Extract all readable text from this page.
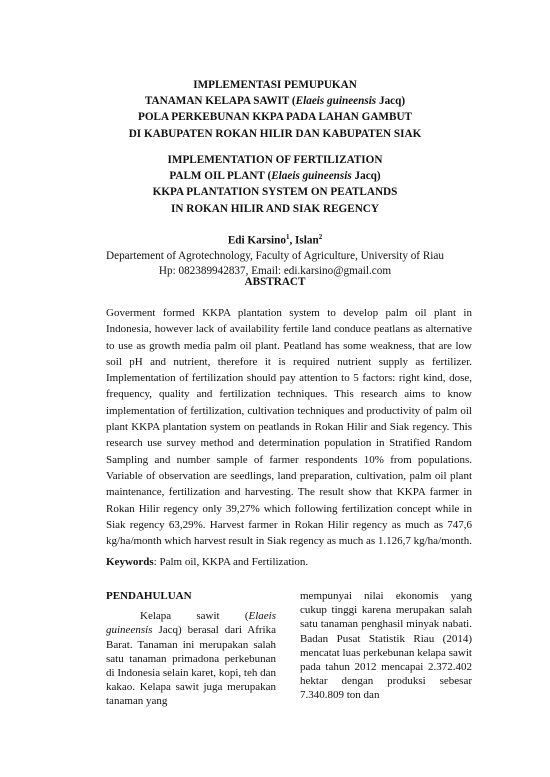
IMPLEMENTASI PEMUPUKAN
TANAMAN KELAPA SAWIT (Elaeis guineensis Jacq)
POLA PERKEBUNAN KKPA PADA LAHAN GAMBUT
DI KABUPATEN ROKAN HILIR DAN KABUPATEN SIAK
IMPLEMENTATION OF FERTILIZATION
PALM OIL PLANT (Elaeis guineensis Jacq)
KKPA PLANTATION SYSTEM ON PEATLANDS
IN ROKAN HILIR AND SIAK REGENCY
Edi Karsino$^1$, Islan$^2$
Departement of Agrotechnology, Faculty of Agriculture, University of Riau
Hp: 082389942837, Email: edi.karsino@gmail.com
ABSTRACT
Goverment formed KKPA plantation system to develop palm oil plant in Indonesia, however lack of availability fertile land conduce peatlans as alternative to use as growth media palm oil plant. Peatland has some weakness, that are low soil pH and nutrient, therefore it is required nutrient supply as fertilizer. Implementation of fertilization should pay attention to 5 factors: right kind, dose, frequency, quality and fertilization techniques. This research aims to know implementation of fertilization, cultivation techniques and productivity of palm oil plant KKPA plantation system on peatlands in Rokan Hilir and Siak regency. This research use survey method and determination population in Stratified Random Sampling and number sample of farmer respondents 10% from populations. Variable of observation are seedlings, land preparation, cultivation, palm oil plant maintenance, fertilization and harvesting. The result show that KKPA farmer in Rokan Hilir regency only 39,27% which following fertilization concept while in Siak regency 63,29%. Harvest farmer in Rokan Hilir regency as much as 747,6 kg/ha/month which harvest result in Siak regency as much as 1.126,7 kg/ha/month.
Keywords: Palm oil, KKPA and Fertilization.
PENDAHULUAN
Kelapa sawit (Elaeis guineensis Jacq) berasal dari Afrika Barat. Tanaman ini merupakan salah satu tanaman primadona perkebunan di Indonesia selain karet, kopi, teh dan kakao. Kelapa sawit juga merupakan tanaman yang
mempunyai nilai ekonomis yang cukup tinggi karena merupakan salah satu tanaman penghasil minyak nabati. Badan Pusat Statistik Riau (2014) mencatat luas perkebunan kelapa sawit pada tahun 2012 mencapai 2.372.402 hektar dengan produksi sebesar 7.340.809 ton dan
